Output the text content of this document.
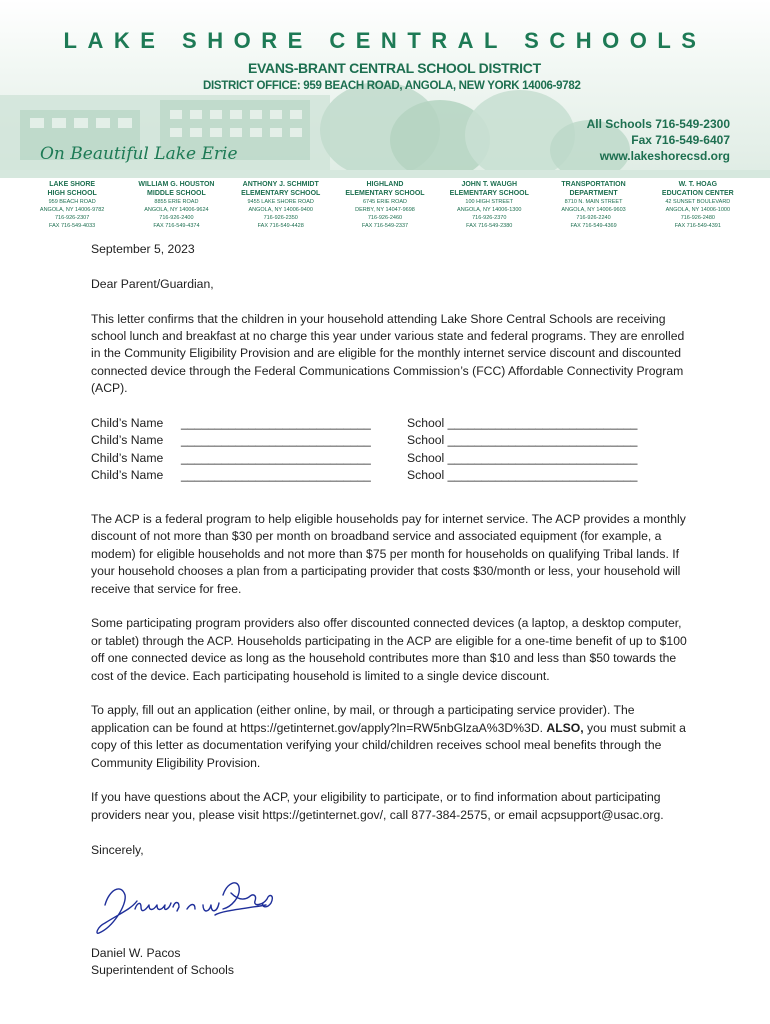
LAKE SHORE CENTRAL SCHOOLS
EVANS-BRANT CENTRAL SCHOOL DISTRICT
DISTRICT OFFICE: 959 BEACH ROAD, ANGOLA, NEW YORK 14006-9782
On Beautiful Lake Erie
All Schools 716-549-2300
Fax 716-549-6407
www.lakeshorecsd.org
LAKE SHORE
HIGH SCHOOL
959 BEACH ROAD
ANGOLA, NY 14006-9782
716-926-2307
FAX 716-549-4033
WILLIAM G. HOUSTON
MIDDLE SCHOOL
8855 ERIE ROAD
ANGOLA, NY 14006-9624
716-926-2400
FAX 716-549-4374
ANTHONY J. SCHMIDT
ELEMENTARY SCHOOL
9455 LAKE SHORE ROAD
ANGOLA, NY 14006-9400
716-926-2350
FAX 716-549-4428
HIGHLAND
ELEMENTARY SCHOOL
6745 ERIE ROAD
DERBY, NY 14047-9698
716-926-2460
FAX 716-549-2337
JOHN T. WAUGH
ELEMENTARY SCHOOL
100 HIGH STREET
ANGOLA, NY 14006-1300
716-926-2370
FAX 716-549-2380
TRANSPORTATION
DEPARTMENT
8710 N. MAIN STREET
ANGOLA, NY 14006-9603
716-926-2240
FAX 716-549-4369
W. T. HOAG
EDUCATION CENTER
42 SUNSET BOULEVARD
ANGOLA, NY 14006-1000
716-926-2480
FAX 716-549-4391

September 5, 2023

Dear Parent/Guardian,

This letter confirms that the children in your household attending Lake Shore Central Schools are receiving school lunch and breakfast at no charge this year under various state and federal programs. They are enrolled in the Community Eligibility Provision and are eligible for the monthly internet service discount and discounted connected device through the Federal Communications Commission’s (FCC) Affordable Connectivity Program (ACP).

Child’s Name ____________________________	School ____________________________
Child’s Name ____________________________	School ____________________________
Child’s Name ____________________________	School ____________________________
Child’s Name ____________________________	School ____________________________

The ACP is a federal program to help eligible households pay for internet service. The ACP provides a monthly discount of not more than $30 per month on broadband service and associated equipment (for example, a modem) for eligible households and not more than $75 per month for households on qualifying Tribal lands. If your household chooses a plan from a participating provider that costs $30/month or less, your household will receive that service for free.

Some participating program providers also offer discounted connected devices (a laptop, a desktop computer, or tablet) through the ACP. Households participating in the ACP are eligible for a one-time benefit of up to $100 off one connected device as long as the household contributes more than $10 and less than $50 towards the cost of the device. Each participating household is limited to a single device discount.

To apply, fill out an application (either online, by mail, or through a participating service provider). The application can be found at https://getinternet.gov/apply?ln=RW5nbGlzaA%3D%3D. ALSO, you must submit a copy of this letter as documentation verifying your child/children receives school meal benefits through the Community Eligibility Provision.

If you have questions about the ACP, your eligibility to participate, or to find information about participating providers near you, please visit https://getinternet.gov/, call 877-384-2575, or email acpsupport@usac.org.

Sincerely,

Daniel W. Pacos
Superintendent of Schools
